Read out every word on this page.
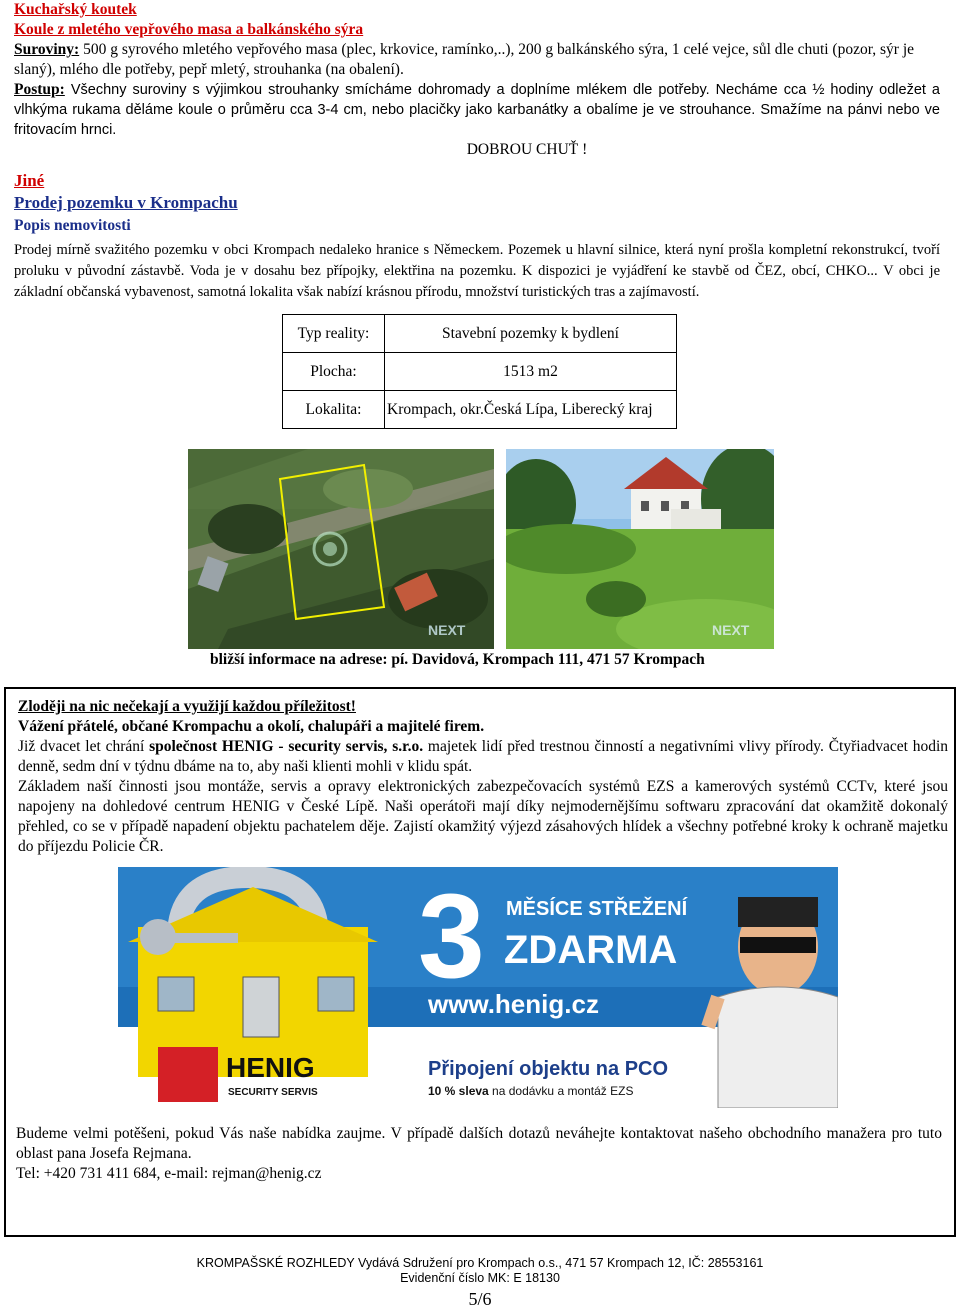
Kuchařský koutek

Koule z mletého vepřového masa a balkánského sýra

Suroviny: 500 g syrového mletého vepřového masa (plec, krkovice, ramínko,..), 200 g balkánského sýra, 1 celé vejce, sůl dle chuti (pozor, sýr je slaný), mlého dle potřeby, pepř mletý, strouhanka (na obalení).

Postup: Všechny suroviny s výjimkou strouhanky smícháme dohromady a doplníme mlékem dle potřeby. Necháme cca ½ hodiny odležet a vlhkýma rukama děláme koule o průměru cca 3-4 cm, nebo placičky jako karbanátky a obalíme je ve strouhance. Smažíme na pánvi nebo ve fritovacím hrnci.

DOBROU CHUŤ !

Jiné

Prodej pozemku v Krompachu

Popis nemovitosti

Prodej mírně svažitého pozemku v obci Krompach nedaleko hranice s Německem. Pozemek u hlavní silnice, která nyní prošla kompletní rekonstrukcí, tvoří proluku v původní zástavbě. Voda je v dosahu bez přípojky, elektřina na pozemku. K dispozici je vyjádření ke stavbě od ČEZ, obcí, CHKO... V obci je základní občanská vybavenost, samotná lokalita však nabízí krásnou přírodu, množství turistických tras a zajímavostí.

Typ reality:	Stavební pozemky k bydlení
Plocha:	1513 m2
Lokalita:	Krompach, okr.Česká Lípa, Liberecký kraj
NEXT	NEXT

bližší informace na adrese: pí. Davidová, Krompach 111, 471 57 Krompach

Zloději na nic nečekají a využijí každou příležitost!

Vážení přátelé, občané Krompachu a okolí, chalupáři a majitelé firem.

Již dvacet let chrání společnost HENIG - security servis, s.r.o. majetek lidí před trestnou činností a negativními vlivy přírody. Čtyřiadvacet hodin denně, sedm dní v týdnu dbáme na to, aby naši klienti mohli v klidu spát.

Základem naší činnosti jsou montáže, servis a opravy elektronických zabezpečovacích systémů EZS a kamerových systémů CCTv, které jsou napojeny na dohledové centrum HENIG v České Lípě. Naši operátoři mají díky nejmodernějšímu softwaru zpracování dat okamžitě dokonalý přehled, co se v případě napadení objektu pachatelem děje. Zajistí okamžitý výjezd zásahových hlídek a všechny potřebné kroky k ochraně majetku do příjezdu Policie ČR.

HENIG
SECURITY SERVIS
3 MĚSÍCE STŘEŽENÍ
ZDARMA
www.henig.cz
Připojení objektu na PCO
10 % sleva na dodávku a montáž EZS

Budeme velmi potěšeni, pokud Vás naše nabídka zaujme. V případě dalších dotazů neváhejte kontaktovat našeho obchodního manažera pro tuto oblast pana Josefa Rejmana.

Tel: +420 731 411 684, e-mail: rejman@henig.cz

KROMPAŠSKÉ ROZHLEDY Vydává Sdružení pro Krompach o.s., 471 57 Krompach 12, IČ: 28553161

Evidenční číslo MK: E 18130

5/6
